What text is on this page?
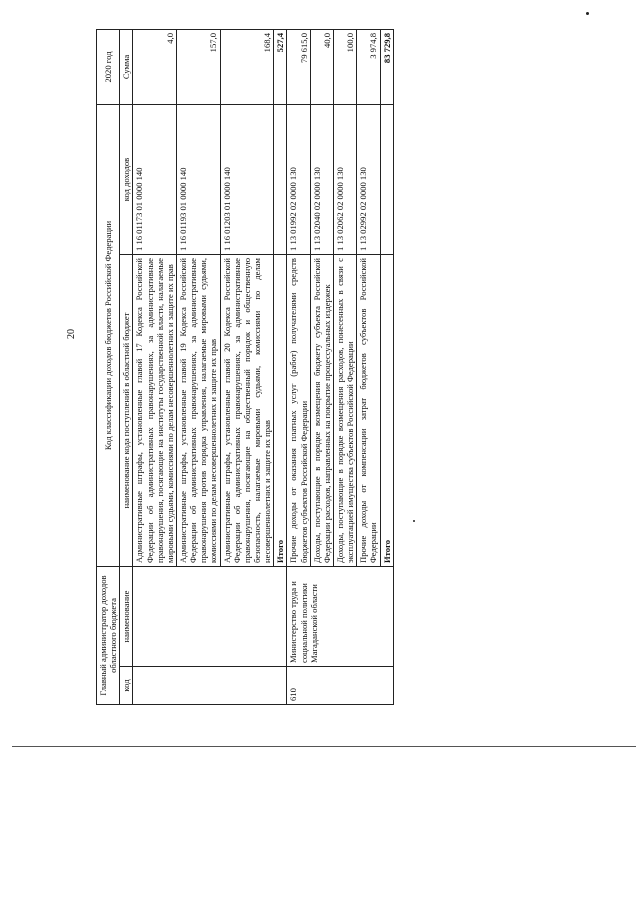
20
Главный администратор доходов областного бюджета		Код классификации доходов бюджетов Российской Федерации		2020 год
код	наименование	наименование кода поступлений в областной бюджет	код доходов	Сумма
		Административные штрафы, установленные главой 17 Кодекса Российской Федерации об административных правонарушениях, за административные правонарушения, посягающие на институты государственной власти, налагаемые мировыми судьями, комиссиями по делам несовершеннолетних и защите их прав	1 16 01173 01 0000 140	4,0
		Административные штрафы, установленные главой 19 Кодекса Российской Федерации об административных правонарушениях, за административные правонарушения против порядка управления, налагаемые мировыми судьями, комиссиями по делам несовершеннолетних и защите их прав	1 16 01193 01 0000 140	157,0
		Административные штрафы, установленные главой 20 Кодекса Российской Федерации об административных правонарушениях, за административные правонарушения, посягающие на общественный порядок и общественную безопасность, налагаемые мировыми судьями, комиссиями по делам несовершеннолетних и защите их прав	1 16 01203 01 0000 140	168,4
		Итого		527,4
610	Министерство труда и социальной политики Магаданской области	Прочие доходы от оказания платных услуг (работ) получателями средств бюджетов субъектов Российской Федерации	1 13 01992 02 0000 130	79 615,0
		Доходы, поступающие в порядке возмещения бюджету субъекта Российской Федерации расходов, направленных на покрытие процессуальных издержек	1 13 02040 02 0000 130	40,0
		Доходы, поступающие в порядке возмещения расходов, понесенных в связи с эксплуатацией имущества субъектов Российской Федерации	1 13 02062 02 0000 130	100,0
		Прочие доходы от компенсации затрат бюджетов субъектов Российской Федерации	1 13 02992 02 0000 130	3 974,8
		Итого		83 729,8
